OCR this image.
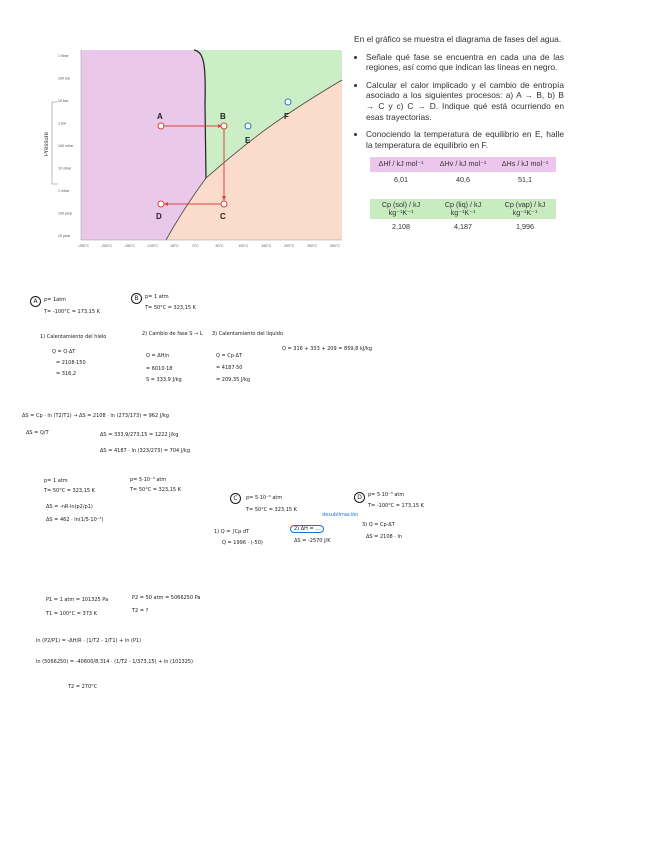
Pressure
1 Kbar
100 bar
10 bar
1 bar
100 mbar
10 mbar
1 mbar
100 µbar
10 µbar
-250°C	-200°C	-150°C	-100°C	-50°C	0°C	50°C	100°C	150°C	200°C	250°C	300°C
A	B
C
D
E
F

En el gráfico se muestra el diagrama de fases del agua.

• Señale qué fase se encuentra en cada una de las regiones, así como que indican las líneas en negro.
• Calcular el calor implicado y el cambio de entropía asociado a los siguientes procesos: a) A → B, b) B → C y c) C → D. Indique qué está ocurriendo en esas trayectorias.
• Conociendo la temperatura de equilibrio en E, halle la temperatura de equilibrio en F.
ΔHf / kJ mol⁻¹	ΔHv / kJ mol⁻¹	ΔHs / kJ mol⁻¹
6,01	40,6	51,1
Cp (sol) / kJ kg⁻¹K⁻¹	Cp (liq) / kJ kg⁻¹K⁻¹	Cp (vap) / kJ kg⁻¹K⁻¹
2,108	4,187	1,996
A	p= 1atm
T= -100°C = 173,15 K
B	p= 1 atm
T= 50°C = 323,15 K
1) Calentamiento del hielo
Q = Q·ΔT
= 2108·150
= 316,2
2) Cambio de fase S → L
Q = ΔH/n
= 6010·18
S = 333,9 J/kg
3) Calentamiento del líquido
Q = Cp·ΔT
= 4187·50
= 209,35 J/kg
Q = 316 + 333 + 209 = 859,8 kJ/kg
ΔS = Cp · ln (T2/T1) → ΔS = 2108 · ln (273/173) = 962 J/kg
ΔS = Q/T	ΔS = 333,9/273,15 = 1222 J/kg
ΔS = 4187 · ln (323/273) = 704 J/kg
p= 1 atm
T= 50°C = 323,15 K
p= 5·10⁻³ atm
T= 50°C = 323,15 K
ΔS = -nR·ln(p2/p1)
ΔS = 462 · ln(1/5·10⁻³)
C	p= 5·10⁻³ atm
T= 50°C = 323,15 K
1) Q = ∫Cp dT
Q = 1996 · (-50)
2) ΔH = ...
ΔS = -2570 J/K
desublimación
3) Q = Cp·ΔT
ΔS = 2108 · ln
D	p= 5·10⁻³ atm
T= -100°C = 173,15 K
P1 = 1 atm = 101325 Pa
T1 = 100°C = 373 K
P2 = 50 atm = 5066250 Pa
T2 = ?
ln (P2/P1) = -ΔH/R · (1/T2 - 1/T1) + ln (P1)
ln (5066250) = -40600/8,314 · (1/T2 - 1/373,15) + ln (101325)
T2 = 270°C
